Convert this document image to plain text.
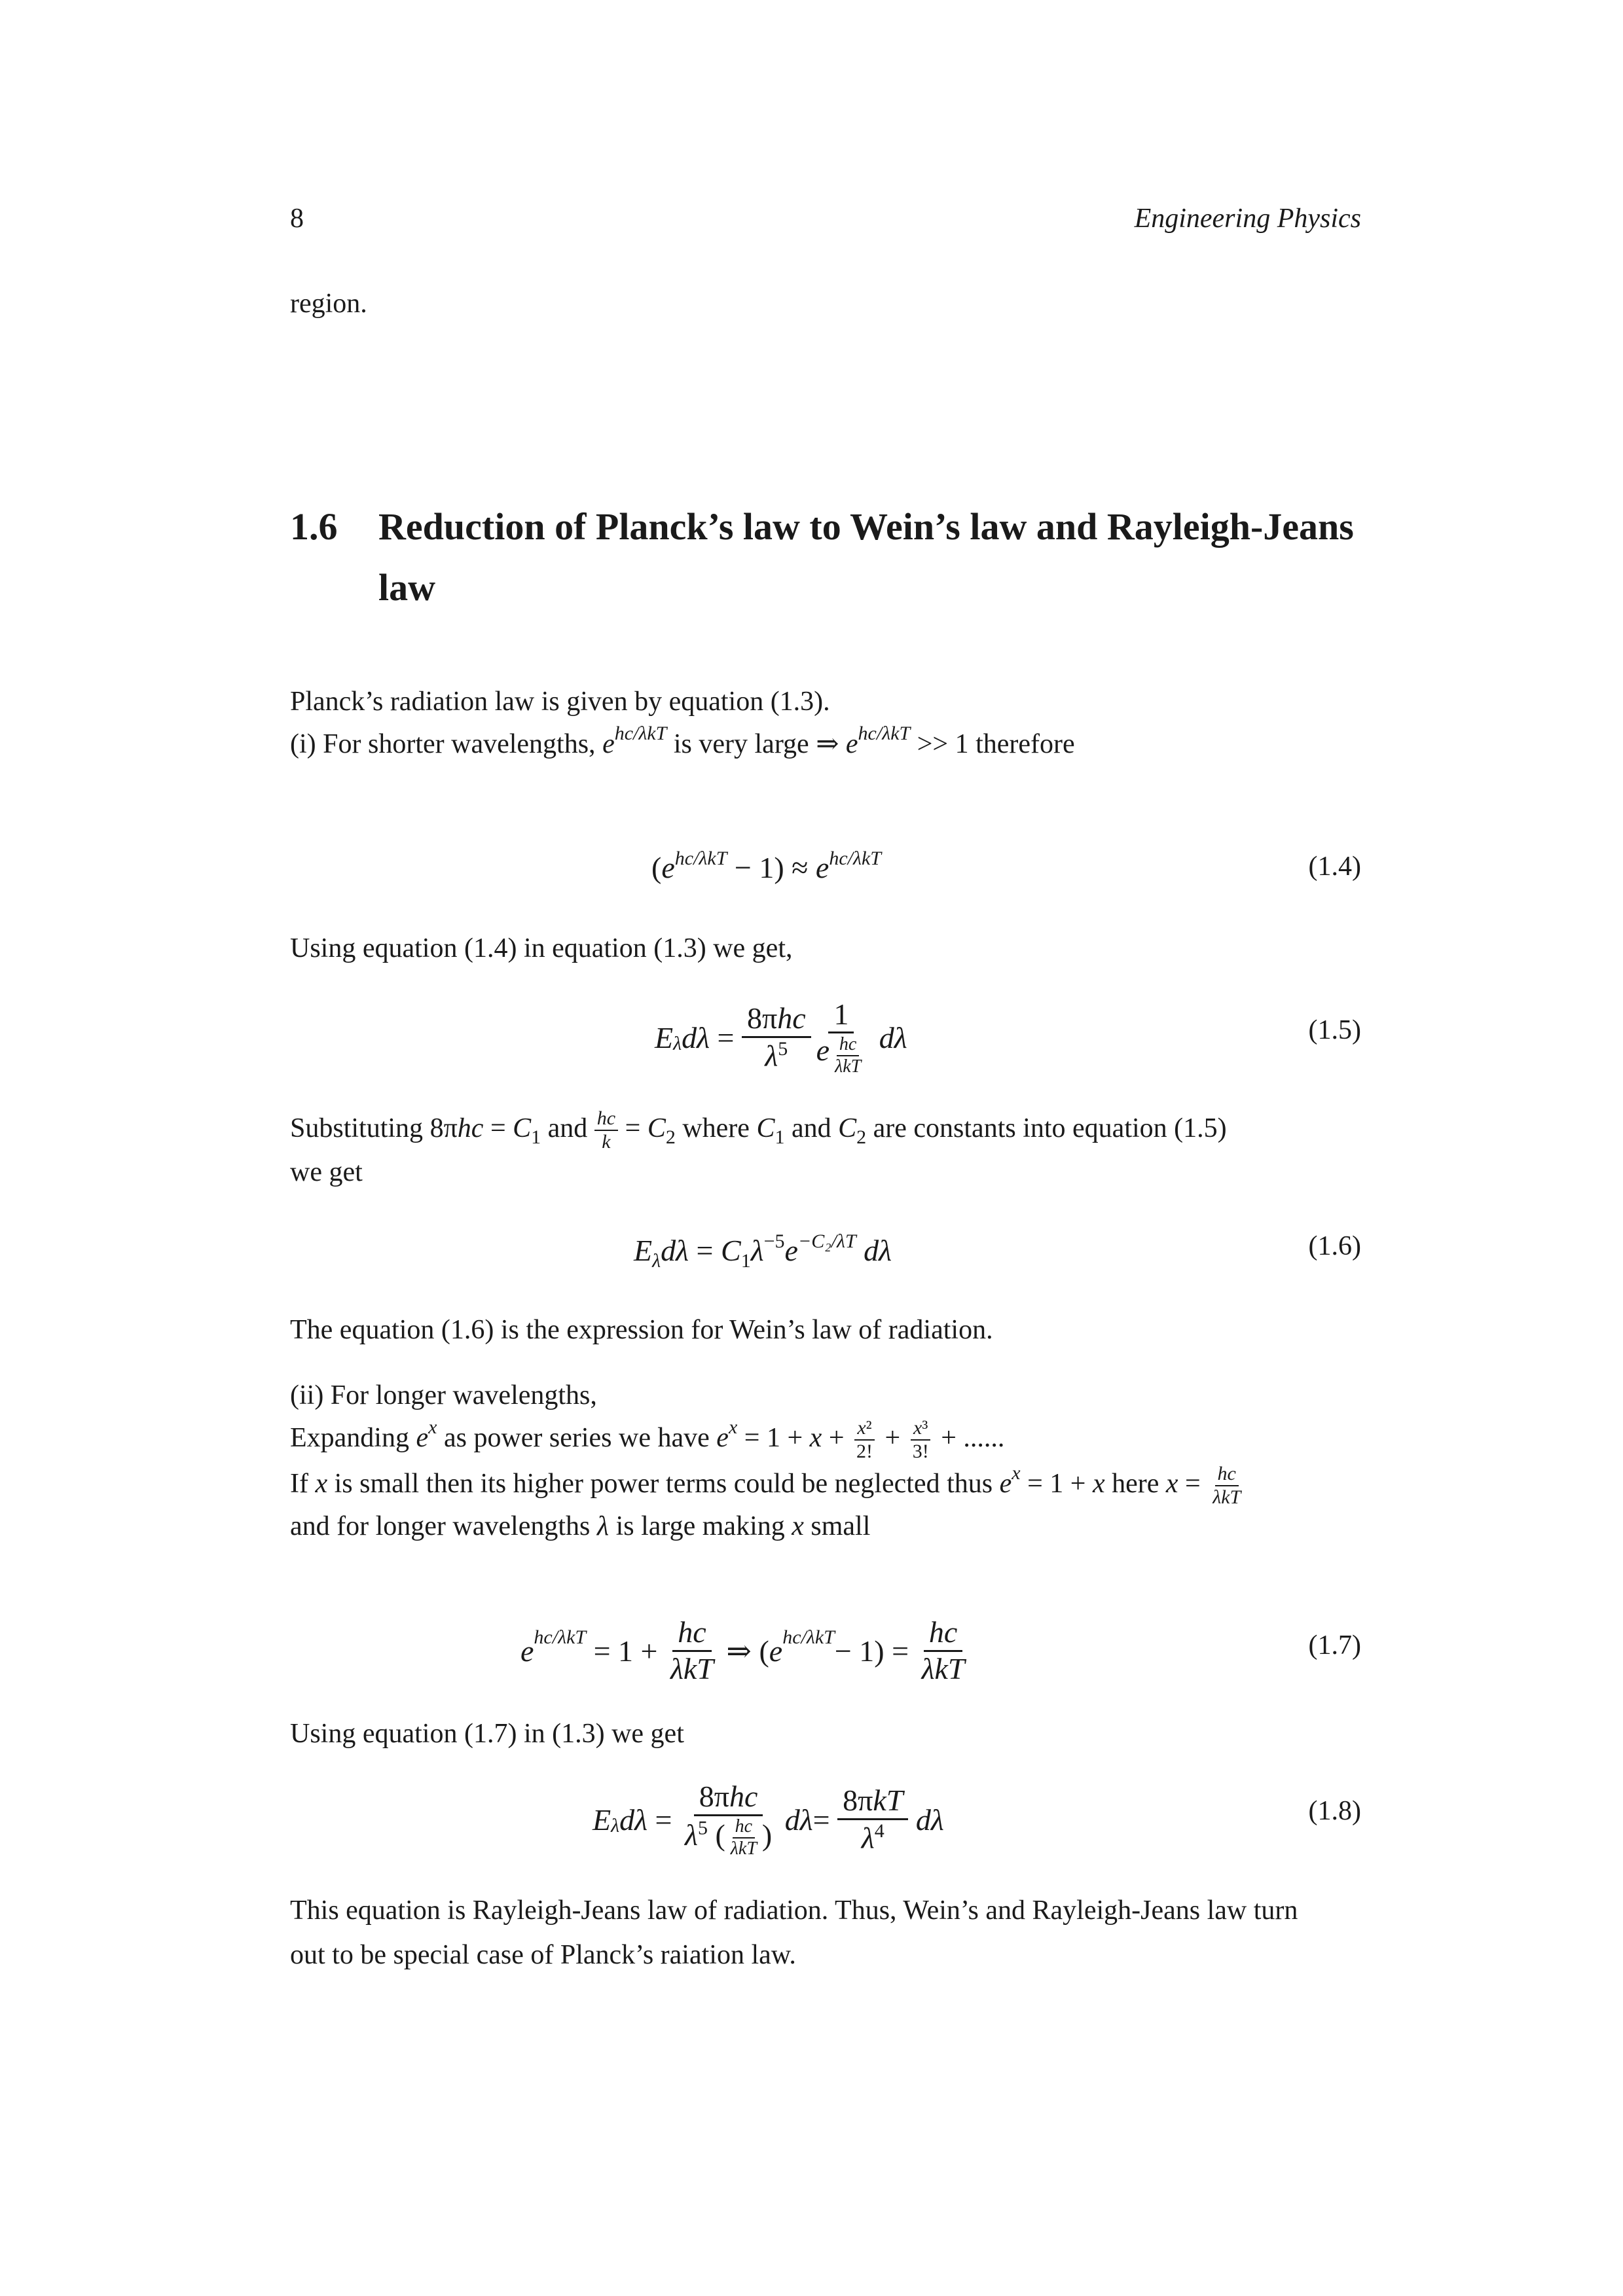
8	Engineering Physics
region.
1.6 Reduction of Planck’s law to Wein’s law and Rayleigh-Jeans
law
Planck’s radiation law is given by equation (1.3).
(i) For shorter wavelengths, $e^{hc/\lambda kT}$ is very large ⇒ $e^{hc/\lambda kT} >> 1$ therefore
$(e^{hc/\lambda kT} - 1) \approx e^{hc/\lambda kT}$	(1.4)
Using equation (1.4) in equation (1.3) we get,
E λ $d\lambda = \frac{\text{8πhc}}{\lambda^5} \frac{1}{e \frac{hc}{\text{λkT}}}$
dλ	(1.5)
Substituting $8\pi hc = C_1$ and $\frac{hc}{k} = C_2$ where $C_1$ and $C_2$ are constants into equation (1.5)
we get
$E_\lambda d\lambda = C_1\lambda^{-5}e^{-C_2/\lambda T}$ dλ	(1.6)
The equation (1.6) is the expression for Wein’s law of radiation.
(ii) For longer wavelengths,
Expanding $e^x$ as power series we have $e^x = 1 + x + \frac{\text{x²}}{2!} + \frac{\text{x³}}{3!}$ + ......
If x is small then its higher power terms could be neglected thus $e^x = 1 + x$ here $x = \frac{hc}{\text{λkT}}$
and for longer wavelengths λ is large making x small
e $hc/\lambda kT = 1 + \frac{hc}{\text{λkT}}$ ⇒ ( e $hc/\lambda kT - 1) = \frac{hc}{\text{λkT}}$	(1.7)
Using equation (1.7) in (1.3) we get
E λ $d\lambda = \frac{\text{8πhc}}{\lambda^5 ( \frac{hc}{\text{λkT}} )}$
$d\lambda = \frac{\text{8πkT}}{\lambda^4}$
dλ	(1.8)
This equation is Rayleigh-Jeans law of radiation. Thus, Wein’s and Rayleigh-Jeans law turn
out to be special case of Planck’s raiation law.
